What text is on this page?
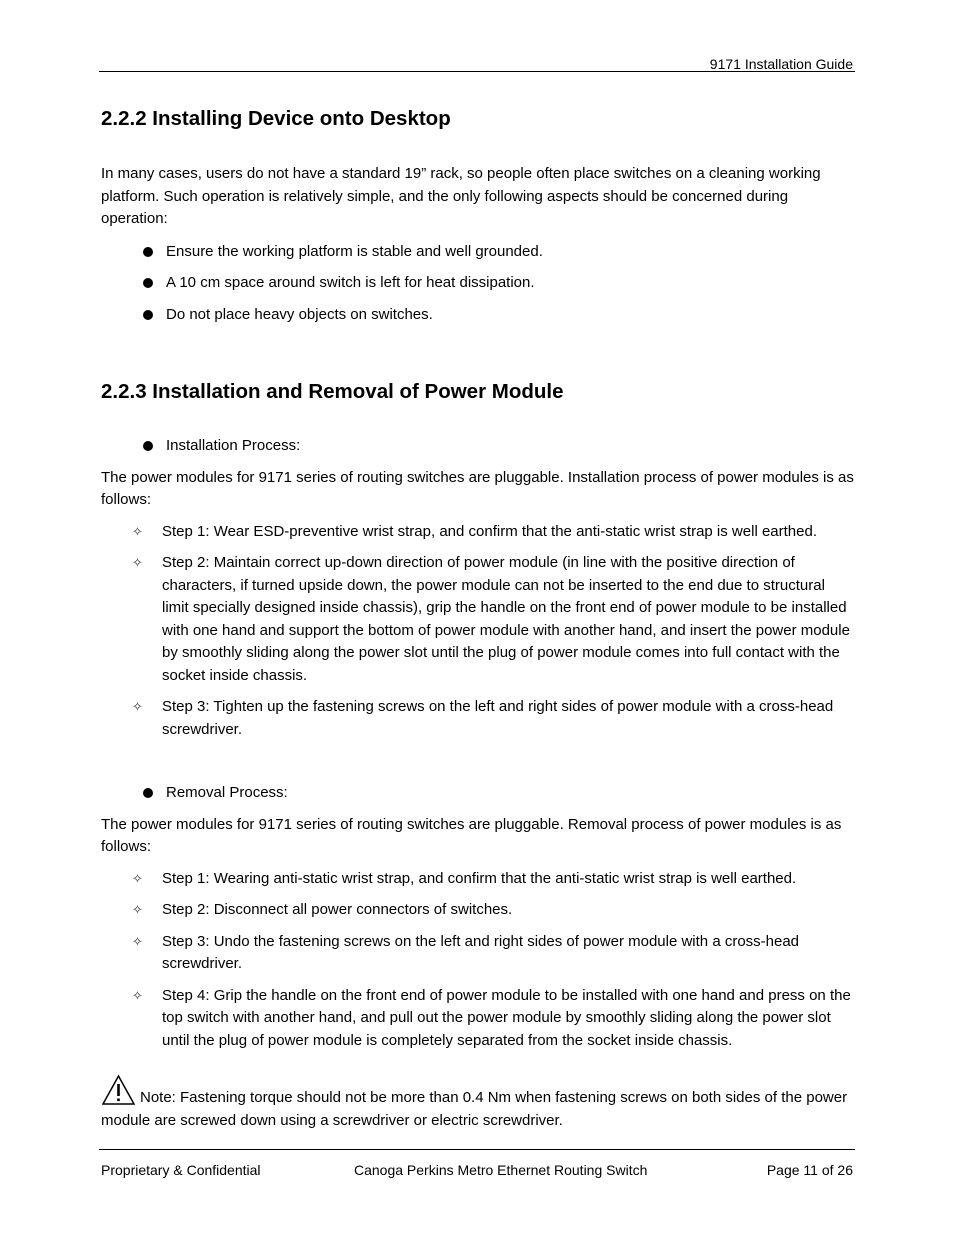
9171 Installation Guide
2.2.2 Installing Device onto Desktop

In many cases, users do not have a standard 19” rack, so people often place switches on a cleaning working platform. Such operation is relatively simple, and the only following aspects should be concerned during operation:

Ensure the working platform is stable and well grounded.
A 10 cm space around switch is left for heat dissipation.
Do not place heavy objects on switches.
2.2.3 Installation and Removal of Power Module
Installation Process:

The power modules for 9171 series of routing switches are pluggable. Installation process of power modules is as follows:

✧	Step 1: Wear ESD-preventive wrist strap, and confirm that the anti-static wrist strap is well earthed.
✧	Step 2: Maintain correct up-down direction of power module (in line with the positive direction of characters, if turned upside down, the power module can not be inserted to the end due to structural limit specially designed inside chassis), grip the handle on the front end of power module to be installed with one hand and support the bottom of power module with another hand, and insert the power module by smoothly sliding along the power slot until the plug of power module comes into full contact with the socket inside chassis.
✧	Step 3: Tighten up the fastening screws on the left and right sides of power module with a cross-head screwdriver.
Removal Process:

The power modules for 9171 series of routing switches are pluggable. Removal process of power modules is as follows:

✧	Step 1: Wearing anti-static wrist strap, and confirm that the anti-static wrist strap is well earthed.
✧	Step 2: Disconnect all power connectors of switches.
✧	Step 3: Undo the fastening screws on the left and right sides of power module with a cross-head screwdriver.
✧	Step 4: Grip the handle on the front end of power module to be installed with one hand and press on the top switch with another hand, and pull out the power module by smoothly sliding along the power slot until the plug of power module is completely separated from the socket inside chassis.
Note: Fastening torque should not be more than 0.4 Nm when fastening screws on both sides of the power module are screwed down using a screwdriver or electric screwdriver.
Proprietary & Confidential	Canoga Perkins Metro Ethernet Routing Switch	Page 11 of 26
